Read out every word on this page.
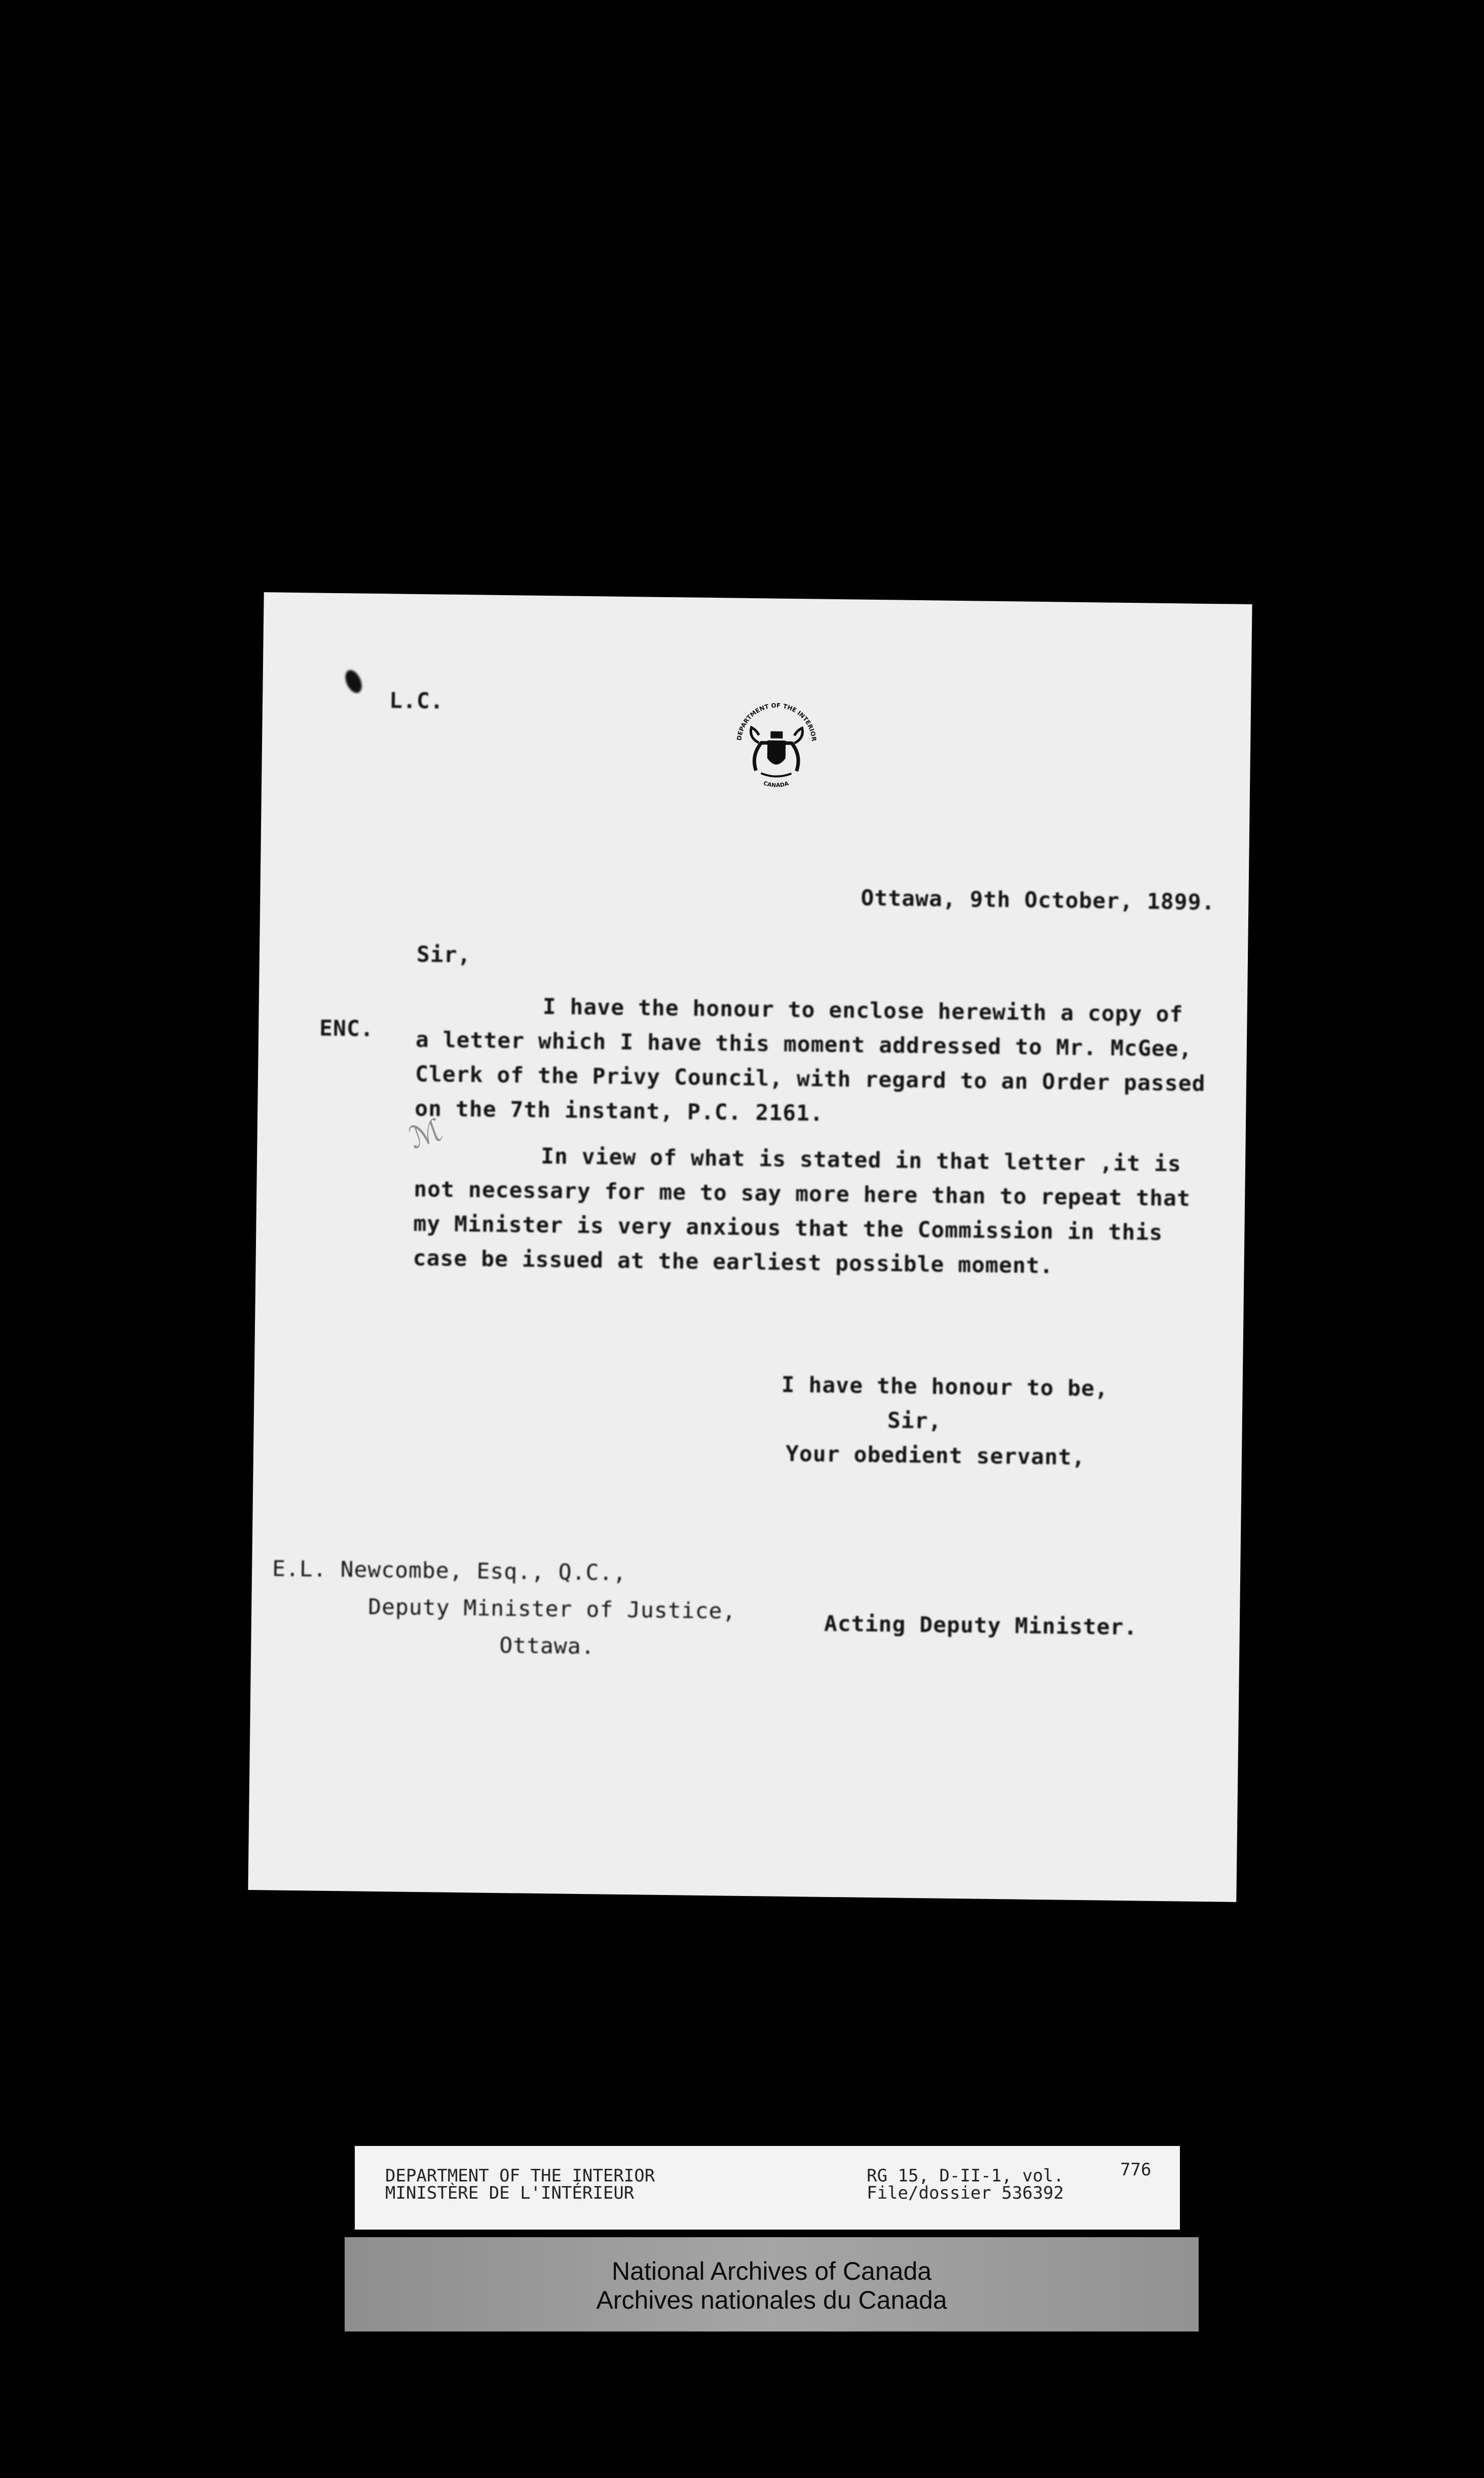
L.C.
DEPARTMENT OF THE INTERIOR
CANADA
Ottawa, 9th October, 1899.
Sir,
ENC.
I have the honour to enclose herewith a copy of
a letter which I have this moment addressed to Mr. McGee,
Clerk of the Privy Council, with regard to an Order passed
on the 7th instant, P.C. 2161.
In view of what is stated in that letter ,it is
not necessary for me to say more here than to repeat that
my Minister is very anxious that the Commission in this
case be issued at the earliest possible moment.
ℳ
I have the honour to be,
Sir,
Your obedient servant,
E.L. Newcombe, Esq., Q.C.,
Deputy Minister of Justice,
Ottawa.
Acting Deputy Minister.
DEPARTMENT OF THE INTERIOR
MINISTÈRE DE L'INTÉRIEUR
RG 15, D-II-1, vol.
File/dossier 536392
776
National Archives of Canada
Archives nationales du Canada
